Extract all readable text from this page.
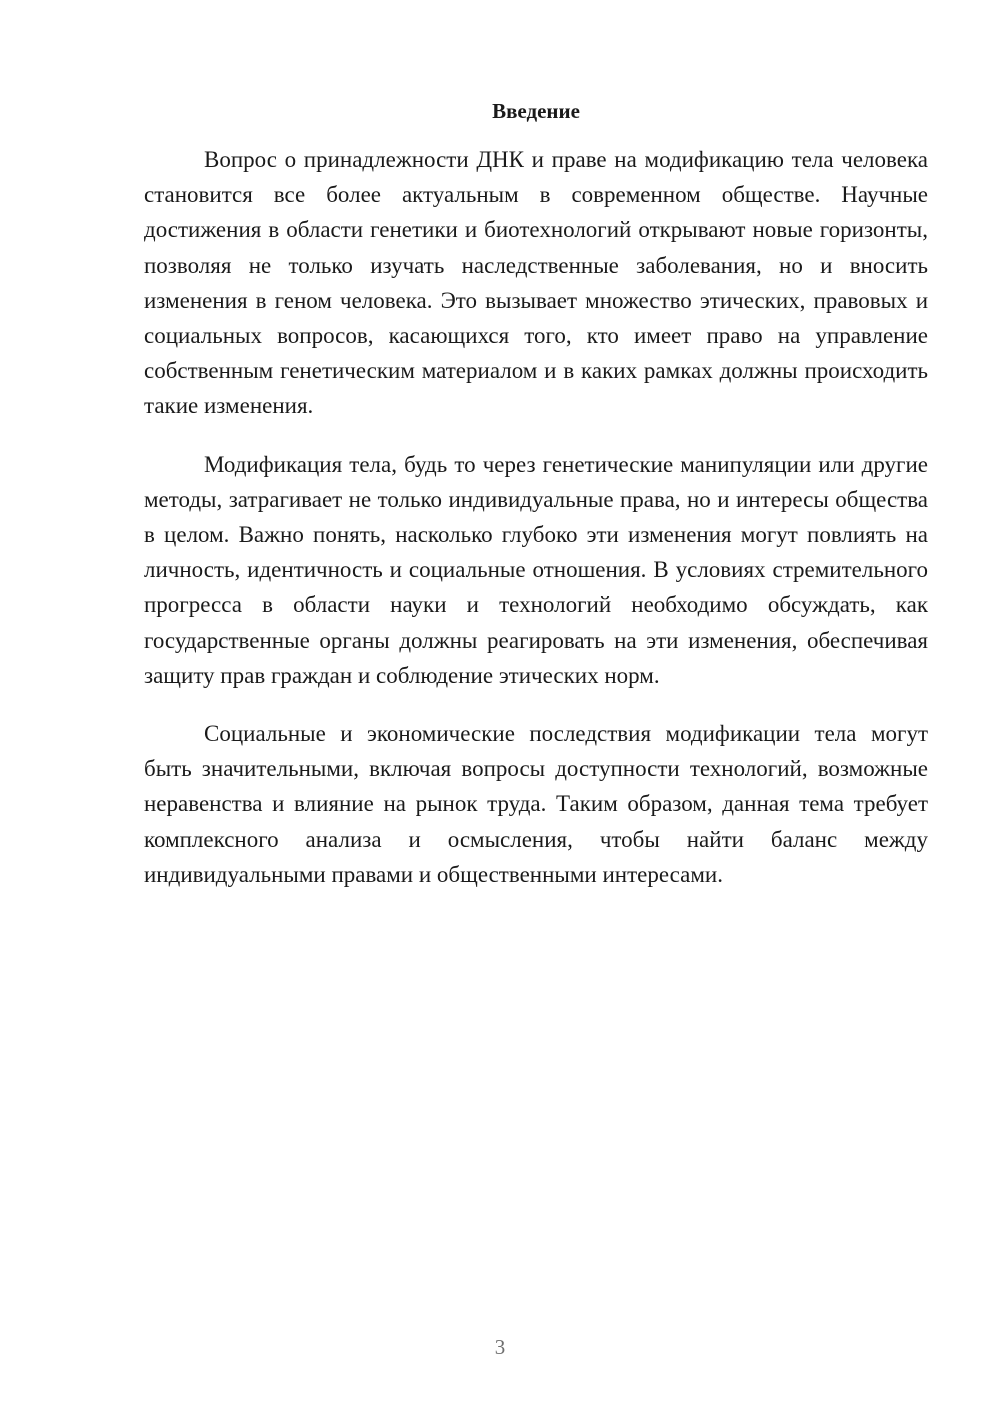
Введение

Вопрос о принадлежности ДНК и праве на модификацию тела человека становится все более актуальным в современном обществе. Научные достижения в области генетики и биотехнологий открывают новые горизонты, позволяя не только изучать наследственные заболевания, но и вносить изменения в геном человека. Это вызывает множество этических, правовых и социальных вопросов, касающихся того, кто имеет право на управление собственным генетическим материалом и в каких рамках должны происходить такие изменения.

Модификация тела, будь то через генетические манипуляции или другие методы, затрагивает не только индивидуальные права, но и интересы общества в целом. Важно понять, насколько глубоко эти изменения могут повлиять на личность, идентичность и социальные отношения. В условиях стремительного прогресса в области науки и технологий необходимо обсуждать, как государственные органы должны реагировать на эти изменения, обеспечивая защиту прав граждан и соблюдение этических норм.

Социальные и экономические последствия модификации тела могут быть значительными, включая вопросы доступности технологий, возможные неравенства и влияние на рынок труда. Таким образом, данная тема требует комплексного анализа и осмысления, чтобы найти баланс между индивидуальными правами и общественными интересами.

3
